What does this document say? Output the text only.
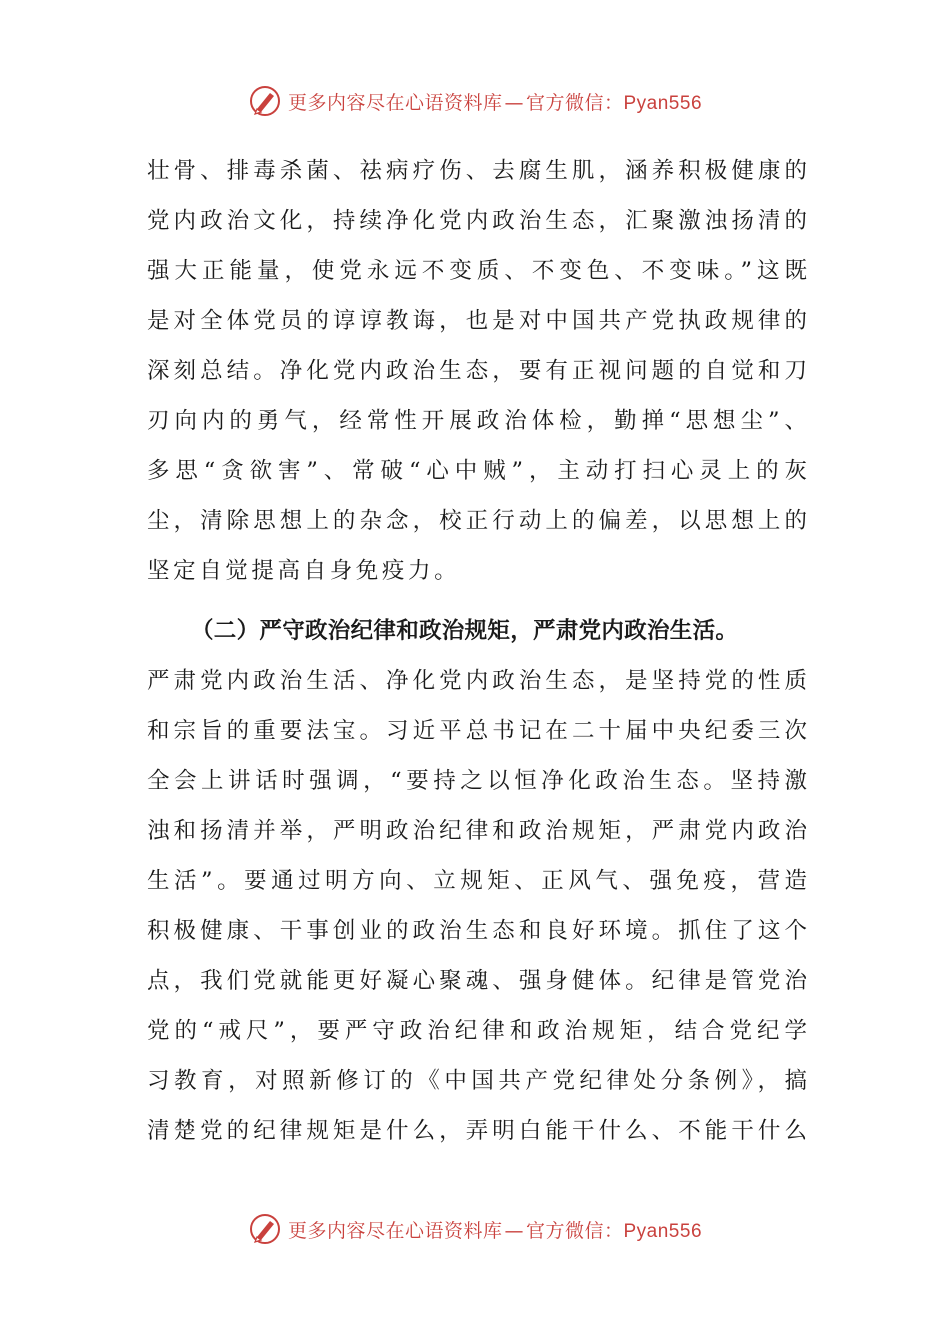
更多内容尽在心语资料库 — 官方微信：Pyan556
壮骨、排毒杀菌、祛病疗伤、去腐生肌，涵养积极健康的
党内政治文化，持续净化党内政治生态，汇聚激浊扬清的
强大正能量，使党永远不变质、不变色、不变味。”这既
是对全体党员的谆谆教诲，也是对中国共产党执政规律的
深刻总结。净化党内政治生态，要有正视问题的自觉和刀
刃向内的勇气，经常性开展政治体检，勤掸“思想尘”、
多思“贪欲害”、常破“心中贼”，主动打扫心灵上的灰
尘，清除思想上的杂念，校正行动上的偏差，以思想上的
坚定自觉提高自身免疫力。
（二）严守政治纪律和政治规矩，严肃党内政治生活。
严肃党内政治生活、净化党内政治生态，是坚持党的性质
和宗旨的重要法宝。习近平总书记在二十届中央纪委三次
全会上讲话时强调，“要持之以恒净化政治生态。坚持激
浊和扬清并举，严明政治纪律和政治规矩，严肃党内政治
生活”。要通过明方向、立规矩、正风气、强免疫，营造
积极健康、干事创业的政治生态和良好环境。抓住了这个
点，我们党就能更好凝心聚魂、强身健体。纪律是管党治
党的“戒尺”，要严守政治纪律和政治规矩，结合党纪学
习教育，对照新修订的《中国共产党纪律处分条例》，搞
清楚党的纪律规矩是什么，弄明白能干什么、不能干什么
更多内容尽在心语资料库 — 官方微信：Pyan556
